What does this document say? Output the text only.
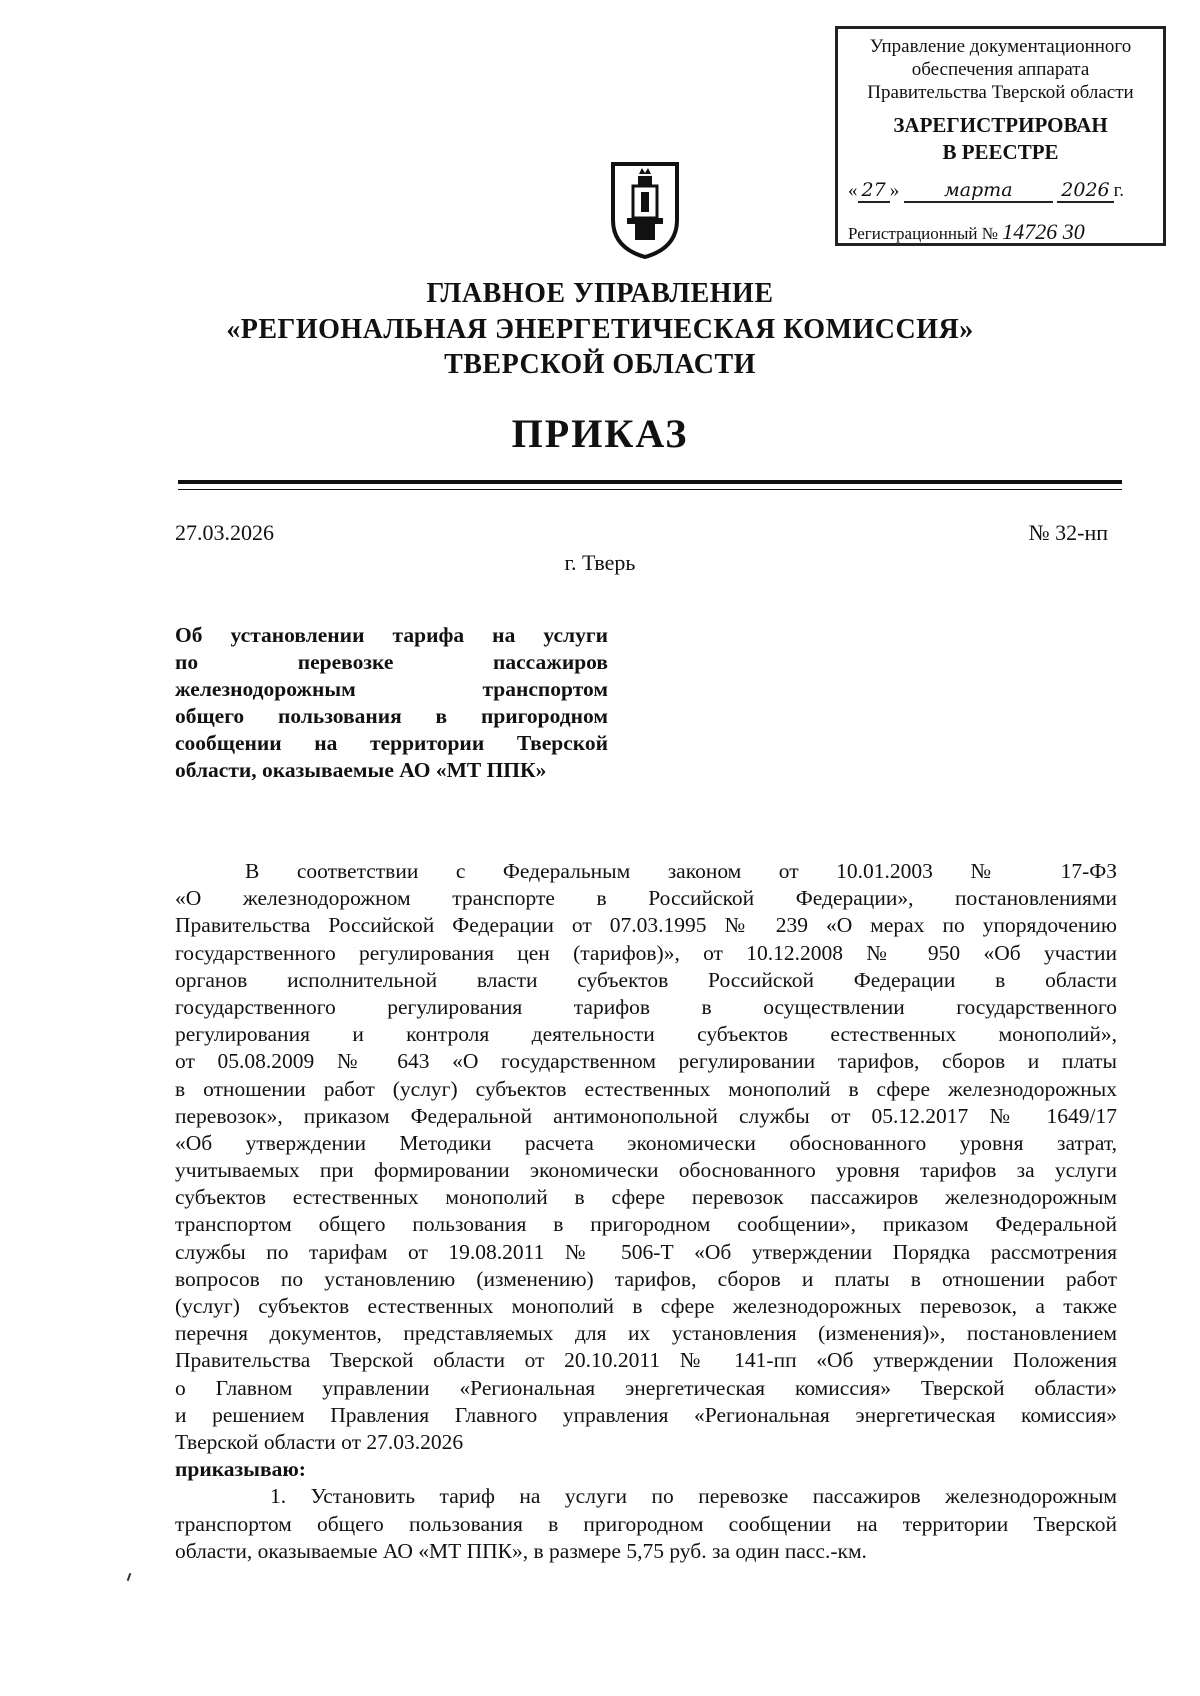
Управление документационного
обеспечения аппарата
Правительства Тверской области
ЗАРЕГИСТРИРОВАН
В РЕЕСТРЕ
« 27 » марта	2026 г.
Регистрационный № 14726 30
ГЛАВНОЕ УПРАВЛЕНИЕ
«РЕГИОНАЛЬНАЯ ЭНЕРГЕТИЧЕСКАЯ КОМИССИЯ»
ТВЕРСКОЙ ОБЛАСТИ
ПРИКАЗ
27.03.2026	№ 32-нп
г. Тверь
Об установлении тарифа на услуги
по перевозке пассажиров
железнодорожным транспортом
общего пользования в пригородном
сообщении на территории Тверской
области, оказываемые АО «МТ ППК»
В соответствии с Федеральным законом от 10.01.2003 № 17-ФЗ
«О железнодорожном транспорте в Российской Федерации», постановлениями
Правительства Российской Федерации от 07.03.1995 № 239 «О мерах по упорядочению
государственного регулирования цен (тарифов)», от 10.12.2008 № 950 «Об участии
органов исполнительной власти субъектов Российской Федерации в области
государственного регулирования тарифов в осуществлении государственного
регулирования и контроля деятельности субъектов естественных монополий»,
от 05.08.2009 № 643 «О государственном регулировании тарифов, сборов и платы
в отношении работ (услуг) субъектов естественных монополий в сфере железнодорожных
перевозок», приказом Федеральной антимонопольной службы от 05.12.2017 № 1649/17
«Об утверждении Методики расчета экономически обоснованного уровня затрат,
учитываемых при формировании экономически обоснованного уровня тарифов за услуги
субъектов естественных монополий в сфере перевозок пассажиров железнодорожным
транспортом общего пользования в пригородном сообщении», приказом Федеральной
службы по тарифам от 19.08.2011 № 506-Т «Об утверждении Порядка рассмотрения
вопросов по установлению (изменению) тарифов, сборов и платы в отношении работ
(услуг) субъектов естественных монополий в сфере железнодорожных перевозок, а также
перечня документов, представляемых для их установления (изменения)», постановлением
Правительства Тверской области от 20.10.2011 № 141-пп «Об утверждении Положения
о Главном управлении «Региональная энергетическая комиссия» Тверской области»
и решением Правления Главного управления «Региональная энергетическая комиссия»
Тверской области от 27.03.2026
приказываю:
1. Установить тариф на услуги по перевозке пассажиров железнодорожным
транспортом общего пользования в пригородном сообщении на территории Тверской
области, оказываемые АО «МТ ППК», в размере 5,75 руб. за один пасс.-км.
